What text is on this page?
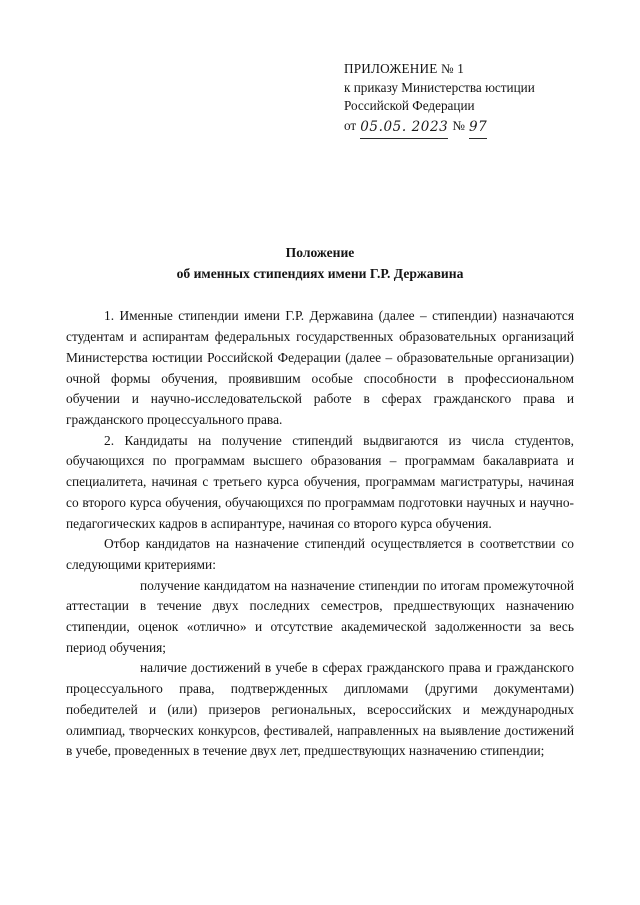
ПРИЛОЖЕНИЕ № 1
к приказу Министерства юстиции
Российской Федерации
от 05.05. 2023 № 97
Положение
об именных стипендиях имени Г.Р. Державина

1. Именные стипендии имени Г.Р. Державина (далее – стипендии) назначаются студентам и аспирантам федеральных государственных образовательных организаций Министерства юстиции Российской Федерации (далее – образовательные организации) очной формы обучения, проявившим особые способности в профессиональном обучении и научно-исследовательской работе в сферах гражданского права и гражданского процессуального права.

2. Кандидаты на получение стипендий выдвигаются из числа студентов, обучающихся по программам высшего образования – программам бакалавриата и специалитета, начиная с третьего курса обучения, программам магистратуры, начиная со второго курса обучения, обучающихся по программам подготовки научных и научно-педагогических кадров в аспирантуре, начиная со второго курса обучения.

Отбор кандидатов на назначение стипендий осуществляется в соответствии со следующими критериями:

получение кандидатом на назначение стипендии по итогам промежуточной аттестации в течение двух последних семестров, предшествующих назначению стипендии, оценок «отлично» и отсутствие академической задолженности за весь период обучения;

наличие достижений в учебе в сферах гражданского права и гражданского процессуального права, подтвержденных дипломами (другими документами) победителей и (или) призеров региональных, всероссийских и международных олимпиад, творческих конкурсов, фестивалей, направленных на выявление достижений в учебе, проведенных в течение двух лет, предшествующих назначению стипендии;
